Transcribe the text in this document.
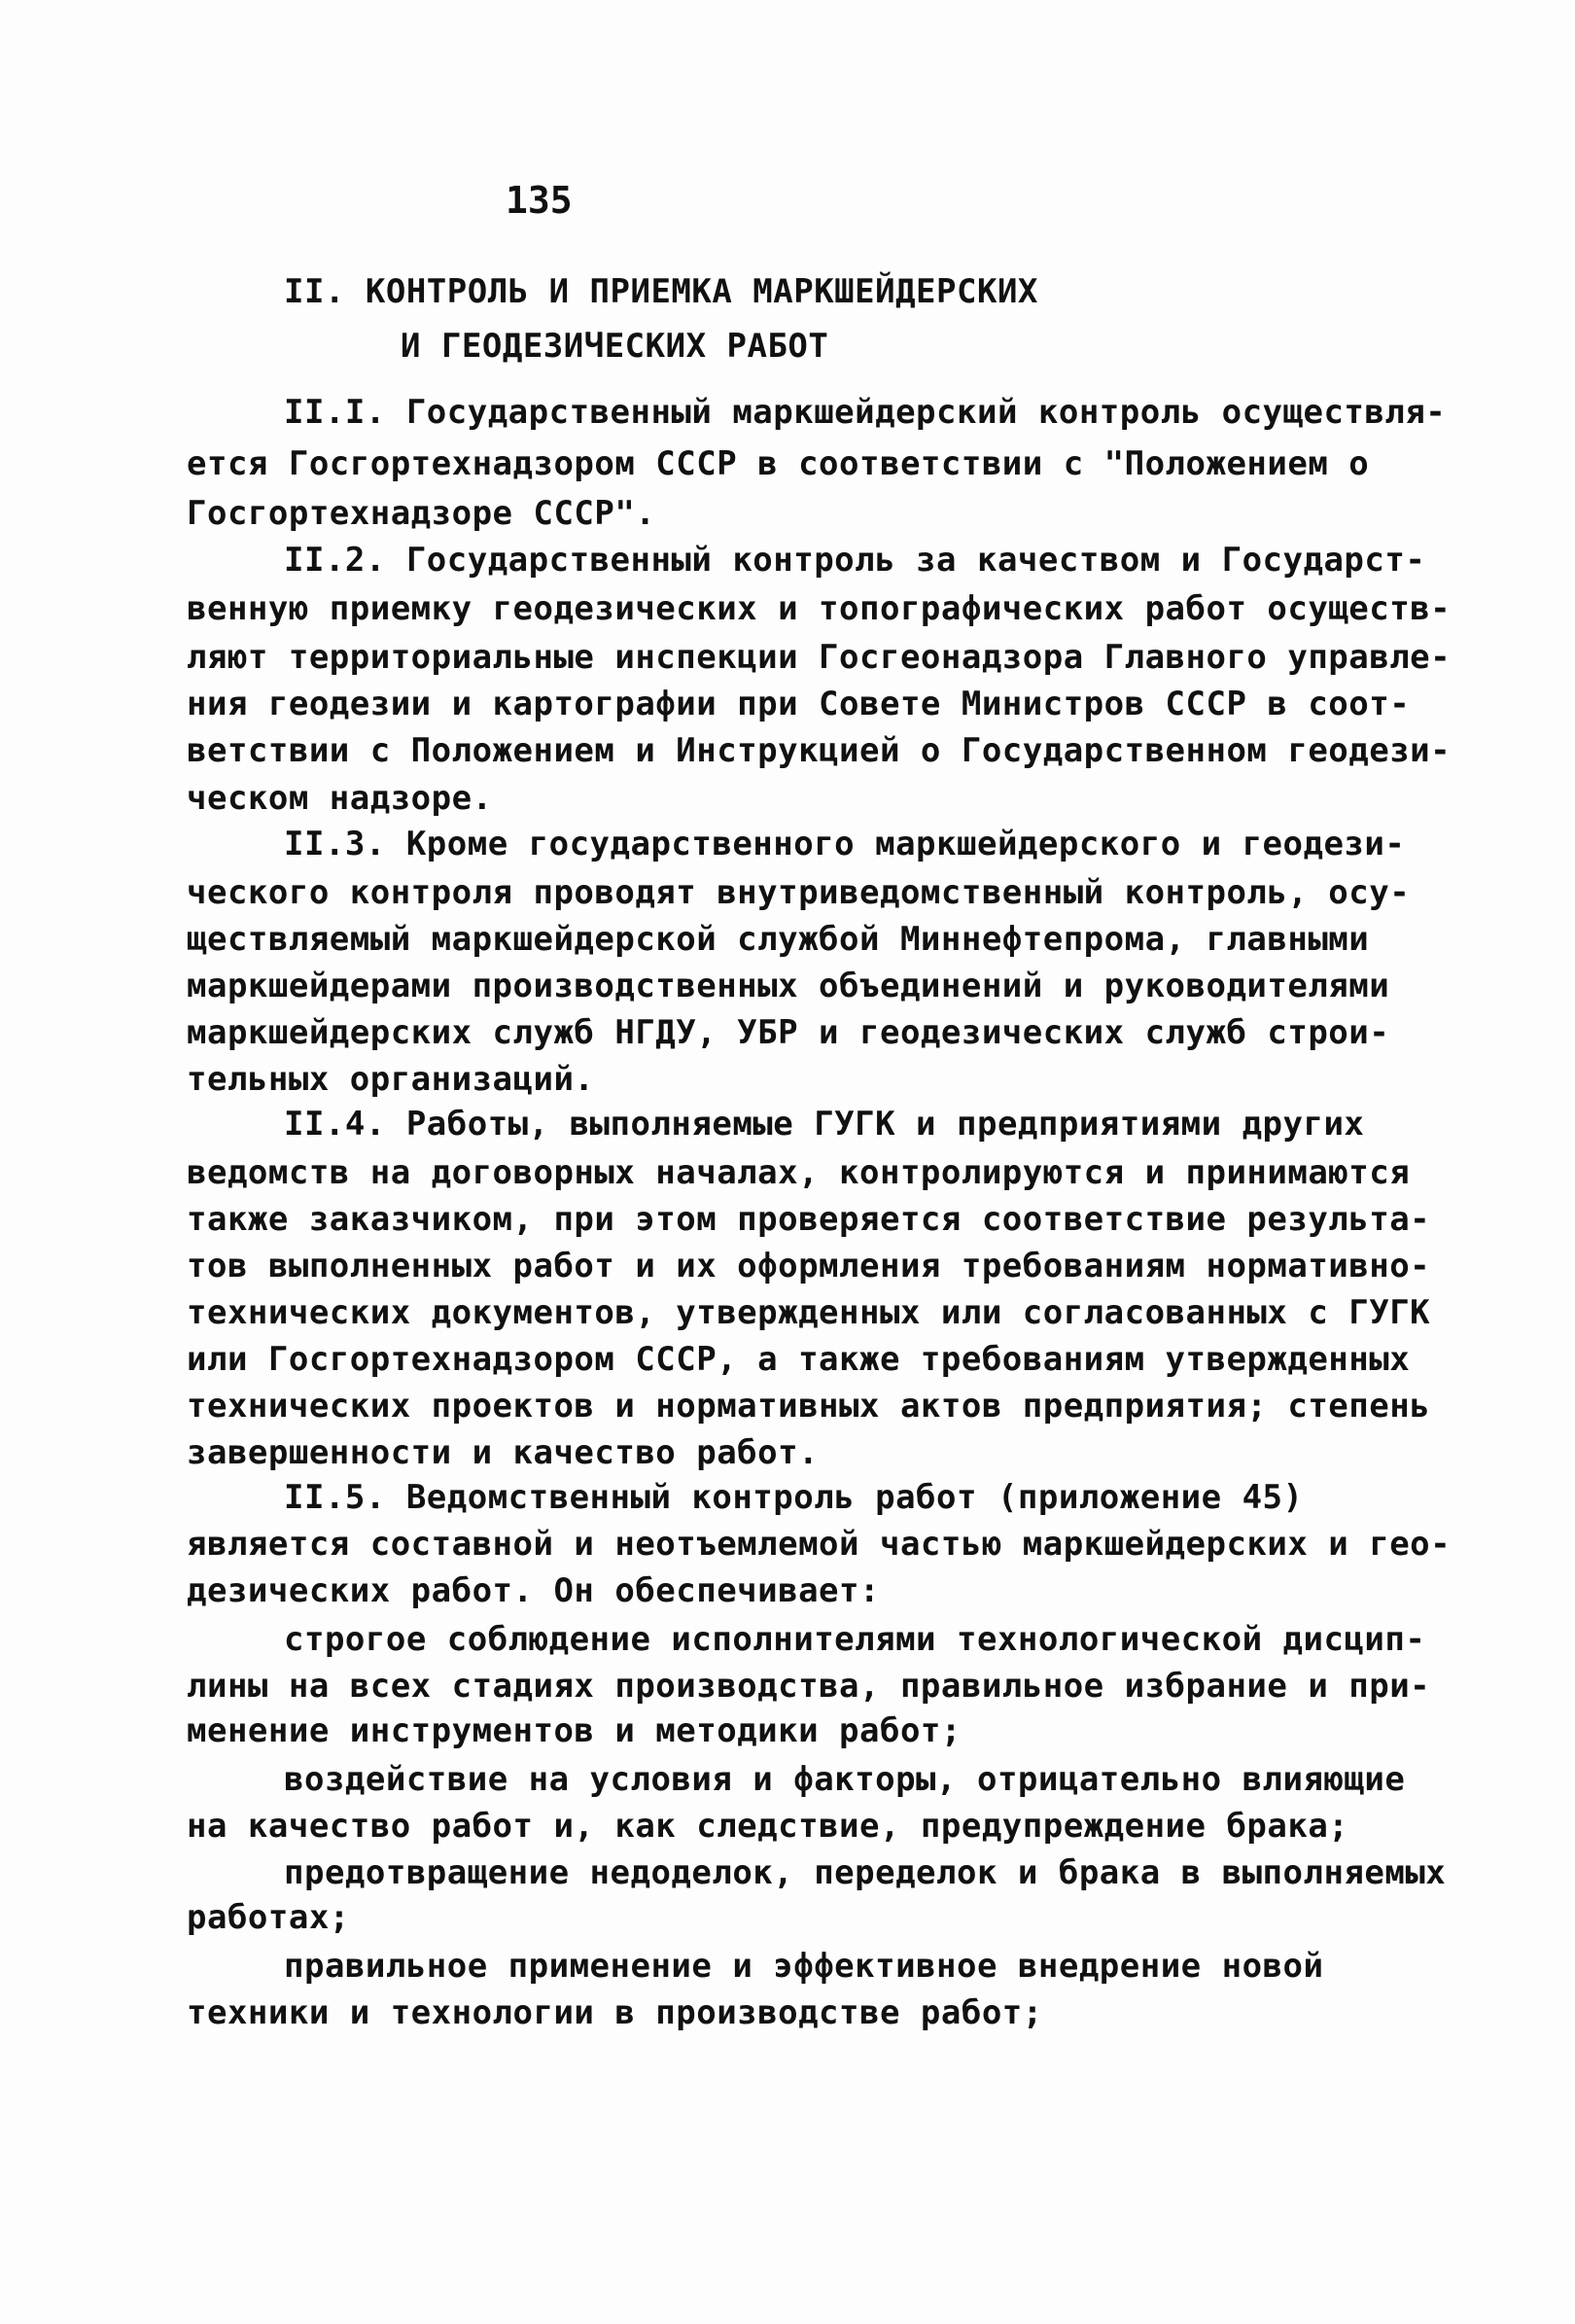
135
II. КОНТРОЛЬ И ПРИЕМКА МАРКШЕЙДЕРСКИХ
И ГЕОДЕЗИЧЕСКИХ РАБОТ
II.I. Государственный маркшейдерский контроль осуществля-
ется Госгортехнадзором СССР в соответствии с "Положением о
Госгортехнадзоре СССР".
II.2. Государственный контроль за качеством и Государст-
венную приемку геодезических и топографических работ осуществ-
ляют территориальные инспекции Госгеонадзора Главного управле-
ния геодезии и картографии при Совете Министров СССР в соот-
ветствии с Положением и Инструкцией о Государственном геодези-
ческом надзоре.
II.3. Кроме государственного маркшейдерского и геодези-
ческого контроля проводят внутриведомственный контроль, осу-
ществляемый маркшейдерской службой Миннефтепрома, главными
маркшейдерами производственных объединений и руководителями
маркшейдерских служб НГДУ, УБР и геодезических служб строи-
тельных организаций.
II.4. Работы, выполняемые ГУГК и предприятиями других
ведомств на договорных началах, контролируются и принимаются
также заказчиком, при этом проверяется соответствие результа-
тов выполненных работ и их оформления требованиям нормативно-
технических документов, утвержденных или согласованных с ГУГК
или Госгортехнадзором СССР, а также требованиям утвержденных
технических проектов и нормативных актов предприятия; степень
завершенности и качество работ.
II.5. Ведомственный контроль работ (приложение 45)
является составной и неотъемлемой частью маркшейдерских и гео-
дезических работ. Он обеспечивает:
строгое соблюдение исполнителями технологической дисцип-
лины на всех стадиях производства, правильное избрание и при-
менение инструментов и методики работ;
воздействие на условия и факторы, отрицательно влияющие
на качество работ и, как следствие, предупреждение брака;
предотвращение недоделок, переделок и брака в выполняемых
работах;
правильное применение и эффективное внедрение новой
техники и технологии в производстве работ;
